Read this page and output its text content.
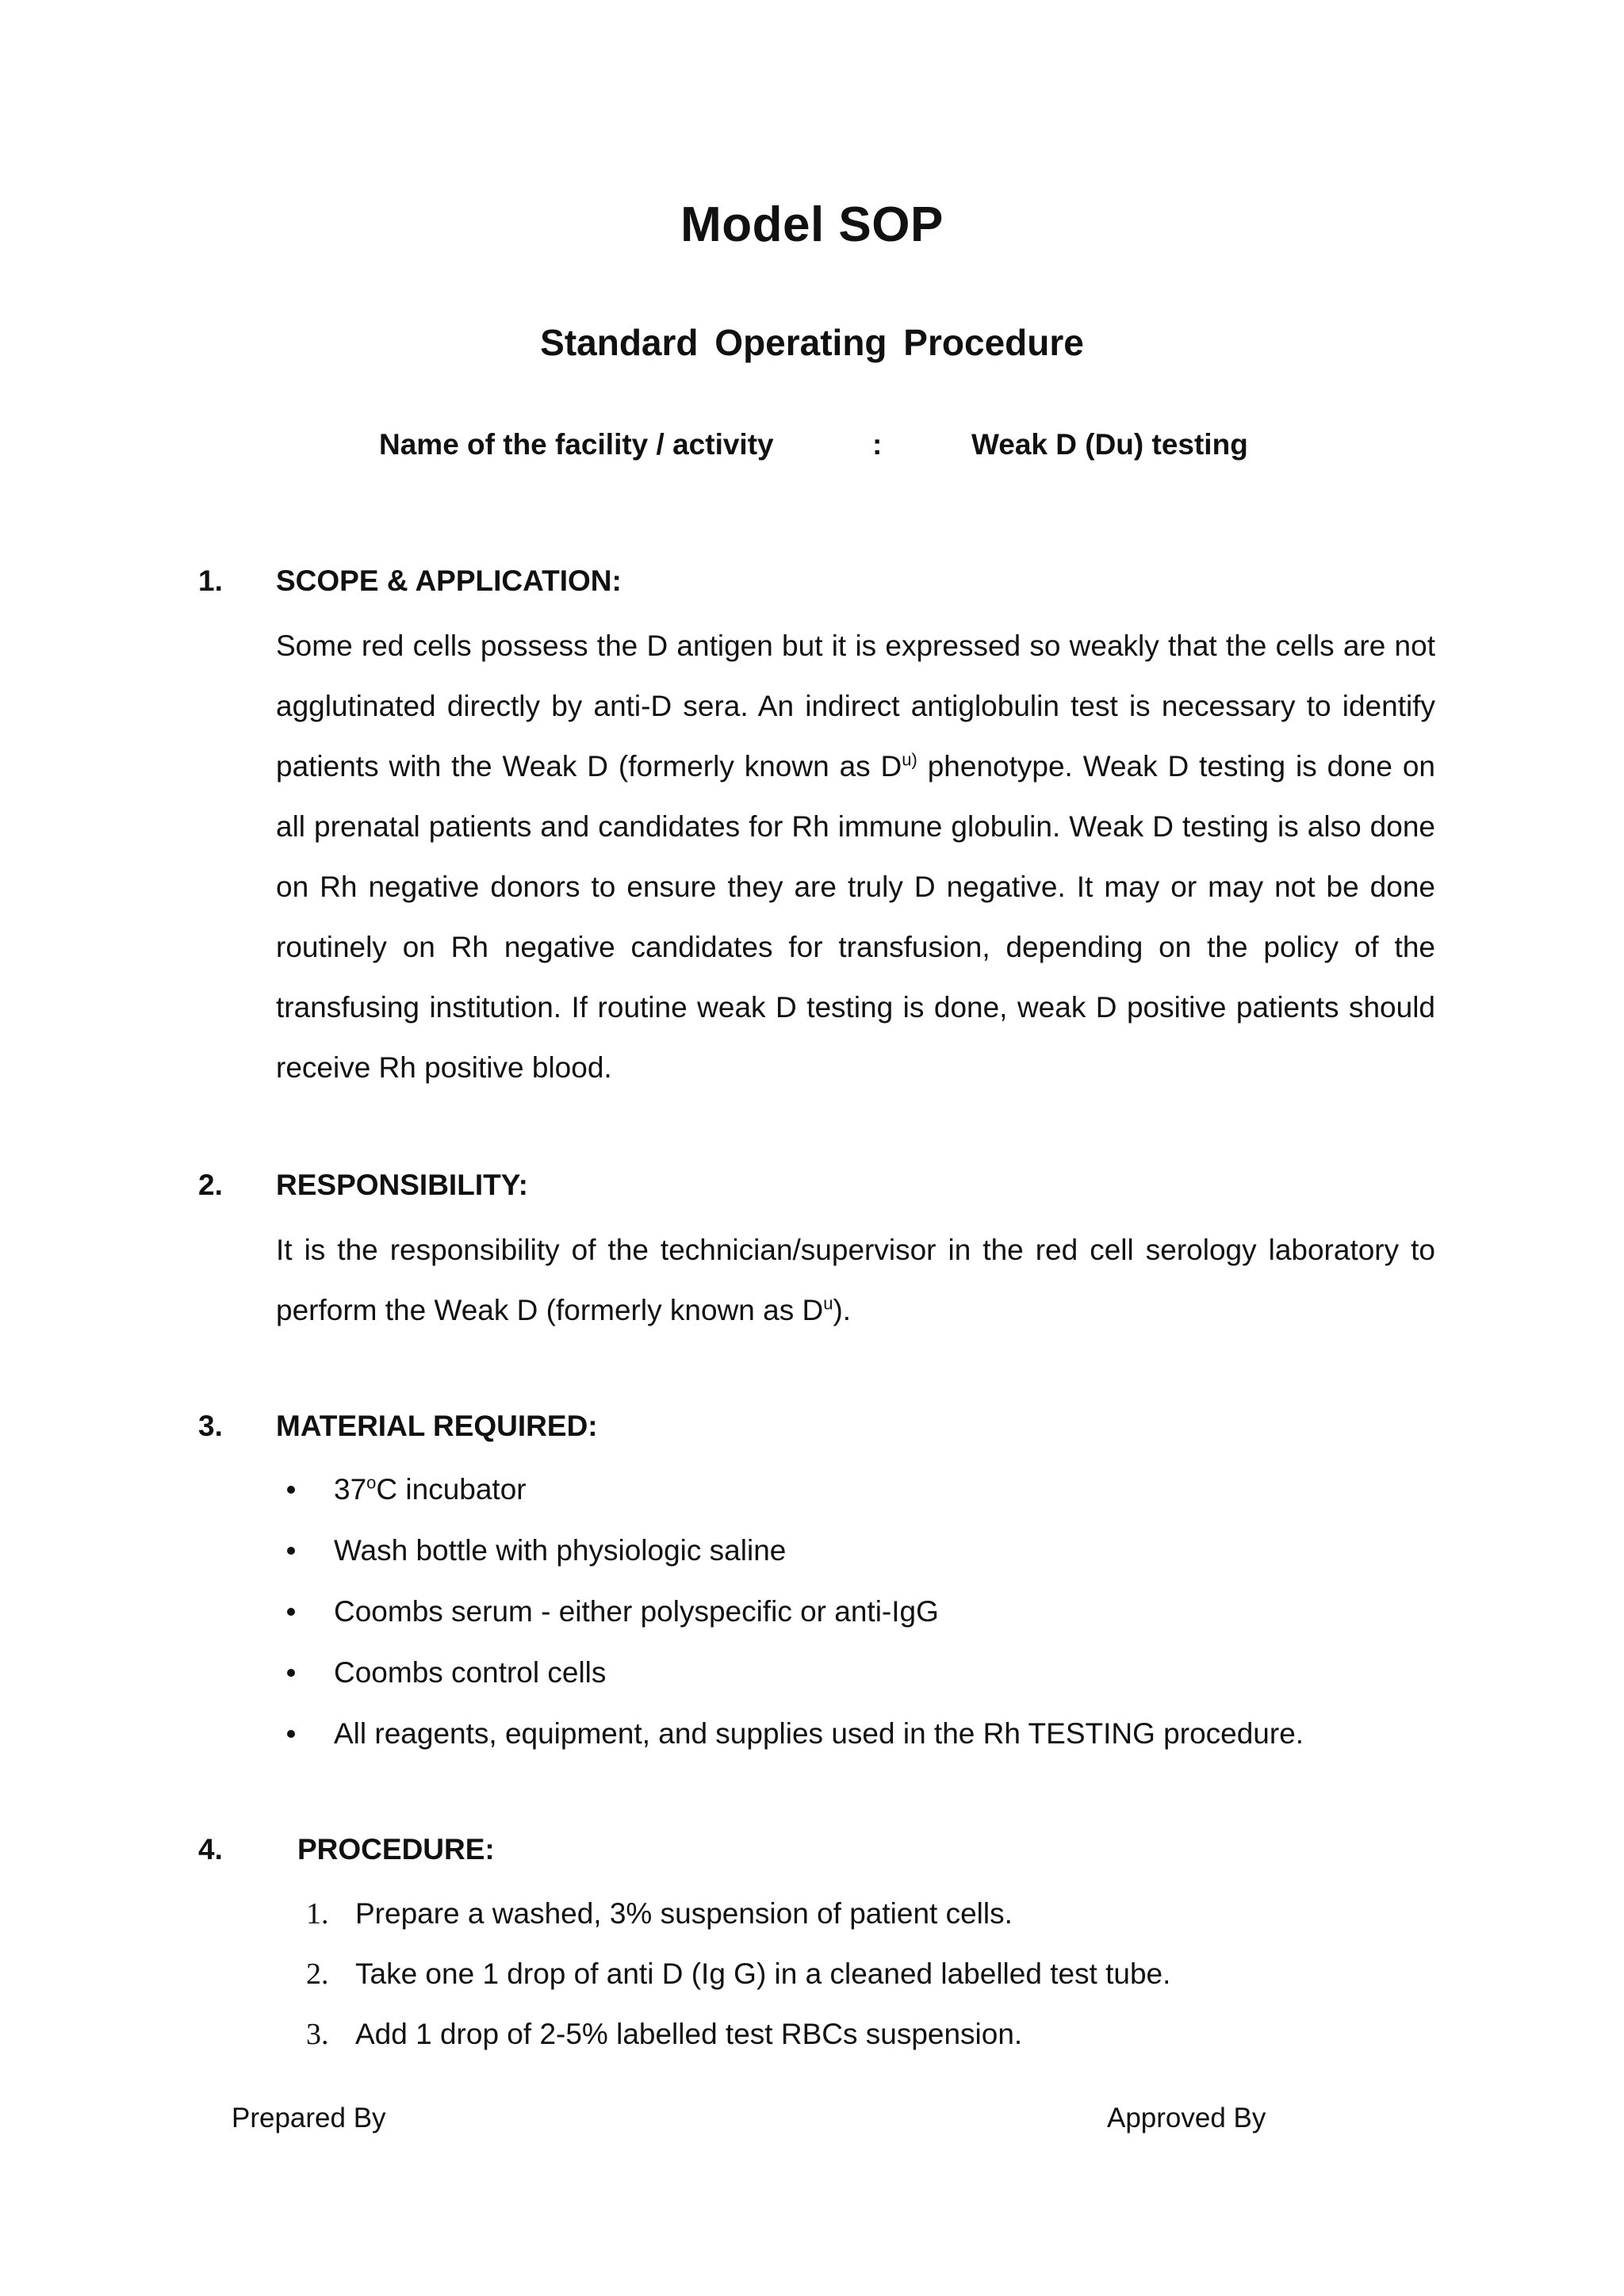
Model SOP
Standard Operating Procedure
Name of the facility / activity	:	Weak D (Du) testing
1. SCOPE & APPLICATION:

Some red cells possess the D antigen but it is expressed so weakly that the cells are not agglutinated directly by anti-D sera. An indirect antiglobulin test is necessary to identify patients with the Weak D (formerly known as $D^{u)}$ phenotype. Weak D testing is done on all prenatal patients and candidates for Rh immune globulin. Weak D testing is also done on Rh negative donors to ensure they are truly D negative. It may or may not be done routinely on Rh negative candidates for transfusion, depending on the policy of the transfusing institution. If routine weak D testing is done, weak D positive patients should receive Rh positive blood.

2. RESPONSIBILITY:

It is the responsibility of the technician/supervisor in the red cell serology laboratory to perform the Weak D (formerly known as $D^u$).

3. MATERIAL REQUIRED:
37$^o$C incubator
Wash bottle with physiologic saline
Coombs serum - either polyspecific or anti-IgG
Coombs control cells
All reagents, equipment, and supplies used in the Rh TESTING procedure.
4.	PROCEDURE:
1. Prepare a washed, 3% suspension of patient cells.
2. Take one 1 drop of anti D (Ig G) in a cleaned labelled test tube.
3. Add 1 drop of 2-5% labelled test RBCs suspension.
Prepared By	Approved By
